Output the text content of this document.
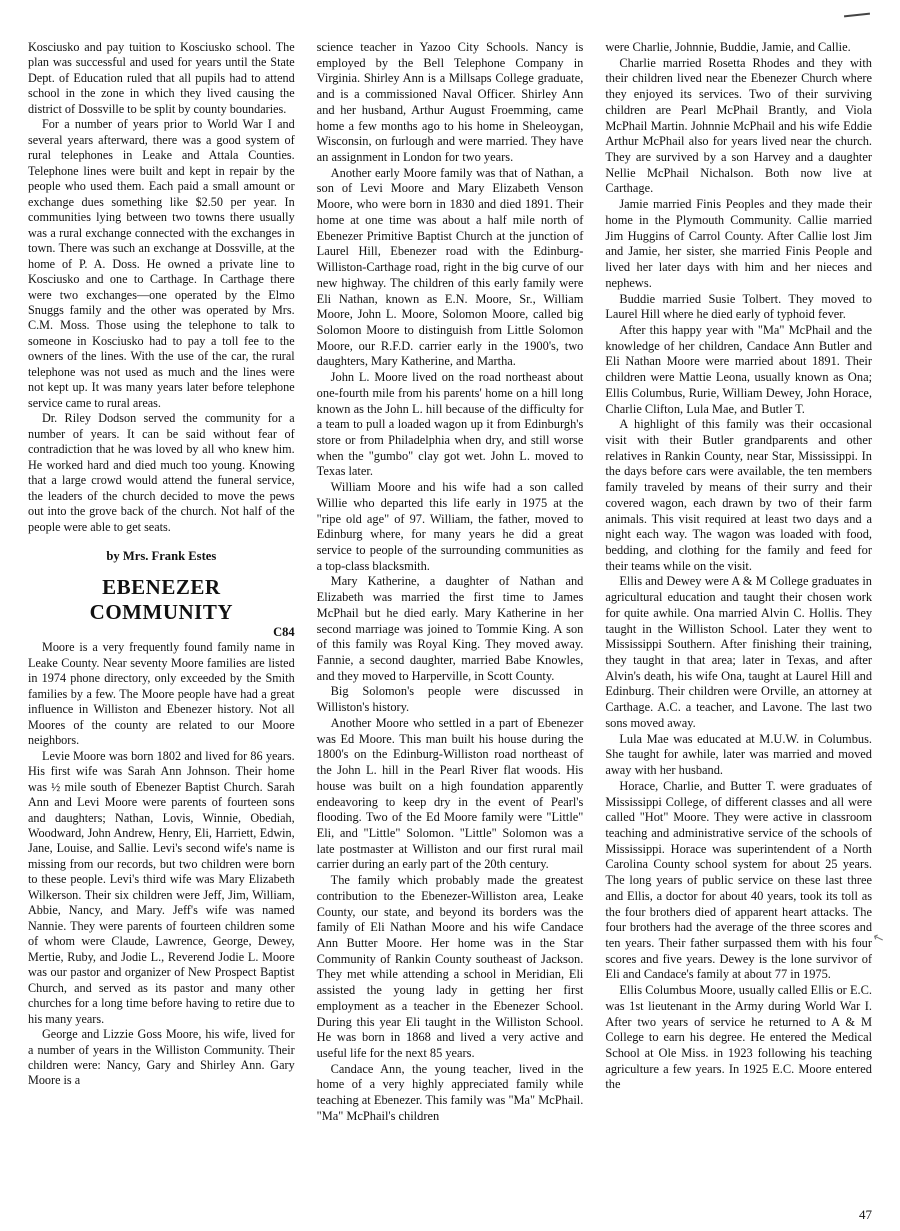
↖

Kosciusko and pay tuition to Kosciusko school. The plan was successful and used for years until the State Dept. of Education ruled that all pupils had to attend school in the zone in which they lived causing the district of Dossville to be split by county boundaries.

For a number of years prior to World War I and several years afterward, there was a good system of rural telephones in Leake and Attala Counties. Telephone lines were built and kept in repair by the people who used them. Each paid a small amount or exchange dues something like $2.50 per year. In communities lying between two towns there usually was a rural exchange connected with the exchanges in town. There was such an exchange at Dossville, at the home of P. A. Doss. He owned a private line to Kosciusko and one to Carthage. In Carthage there were two exchanges—one operated by the Elmo Snuggs family and the other was operated by Mrs. C.M. Moss. Those using the telephone to talk to someone in Kosciusko had to pay a toll fee to the owners of the lines. With the use of the car, the rural telephone was not used as much and the lines were not kept up. It was many years later before telephone service came to rural areas.

Dr. Riley Dodson served the community for a number of years. It can be said without fear of contradiction that he was loved by all who knew him. He worked hard and died much too young. Knowing that a large crowd would attend the funeral service, the leaders of the church decided to move the pews out into the grove back of the church. Not half of the people were able to get seats.

by Mrs. Frank Estes

EBENEZER COMMUNITY

C84

Moore is a very frequently found family name in Leake County. Near seventy Moore families are listed in 1974 phone directory, only exceeded by the Smith families by a few. The Moore people have had a great influence in Williston and Ebenezer history. Not all Moores of the county are related to our Moore neighbors.

Levie Moore was born 1802 and lived for 86 years. His first wife was Sarah Ann Johnson. Their home was ½ mile south of Ebenezer Baptist Church. Sarah Ann and Levi Moore were parents of fourteen sons and daughters; Nathan, Lovis, Winnie, Obediah, Woodward, John Andrew, Henry, Eli, Harriett, Edwin, Jane, Louise, and Sallie. Levi's second wife's name is missing from our records, but two children were born to these people. Levi's third wife was Mary Elizabeth Wilkerson. Their six children were Jeff, Jim, William, Abbie, Nancy, and Mary. Jeff's wife was named Nannie. They were parents of fourteen children some of whom were Claude, Lawrence, George, Dewey, Mertie, Ruby, and Jodie L., Reverend Jodie L. Moore was our pastor and organizer of New Prospect Baptist Church, and served as its pastor and many other churches for a long time before having to retire due to his many years.

George and Lizzie Goss Moore, his wife, lived for a number of years in the Williston Community. Their children were: Nancy, Gary and Shirley Ann. Gary Moore is a

science teacher in Yazoo City Schools. Nancy is employed by the Bell Telephone Company in Virginia. Shirley Ann is a Millsaps College graduate, and is a commissioned Naval Officer. Shirley Ann and her husband, Arthur August Froemming, came home a few months ago to his home in Sheleoygan, Wisconsin, on furlough and were married. They have an assignment in London for two years.

Another early Moore family was that of Nathan, a son of Levi Moore and Mary Elizabeth Venson Moore, who were born in 1830 and died 1891. Their home at one time was about a half mile north of Ebenezer Primitive Baptist Church at the junction of Laurel Hill, Ebenezer road with the Edinburg-Williston-Carthage road, right in the big curve of our new highway. The children of this early family were Eli Nathan, known as E.N. Moore, Sr., William Moore, John L. Moore, Solomon Moore, called big Solomon Moore to distinguish from Little Solomon Moore, our R.F.D. carrier early in the 1900's, two daughters, Mary Katherine, and Martha.

John L. Moore lived on the road northeast about one-fourth mile from his parents' home on a hill long known as the John L. hill because of the difficulty for a team to pull a loaded wagon up it from Edinburgh's store or from Philadelphia when dry, and still worse when the "gumbo" clay got wet. John L. moved to Texas later.

William Moore and his wife had a son called Willie who departed this life early in 1975 at the "ripe old age" of 97. William, the father, moved to Edinburg where, for many years he did a great service to people of the surrounding communities as a top-class blacksmith.

Mary Katherine, a daughter of Nathan and Elizabeth was married the first time to James McPhail but he died early. Mary Katherine in her second marriage was joined to Tommie King. A son of this family was Royal King. They moved away. Fannie, a second daughter, married Babe Knowles, and they moved to Harperville, in Scott County.

Big Solomon's people were discussed in Williston's history.

Another Moore who settled in a part of Ebenezer was Ed Moore. This man built his house during the 1800's on the Edinburg-Williston road northeast of the John L. hill in the Pearl River flat woods. His house was built on a high foundation apparently endeavoring to keep dry in the event of Pearl's flooding. Two of the Ed Moore family were "Little" Eli, and "Little" Solomon. "Little" Solomon was a late postmaster at Williston and our first rural mail carrier during an early part of the 20th century.

The family which probably made the greatest contribution to the Ebenezer-Williston area, Leake County, our state, and beyond its borders was the family of Eli Nathan Moore and his wife Candace Ann Butter Moore. Her home was in the Star Community of Rankin County southeast of Jackson. They met while attending a school in Meridian, Eli assisted the young lady in getting her first employment as a teacher in the Ebenezer School. During this year Eli taught in the Williston School. He was born in 1868 and lived a very active and useful life for the next 85 years.

Candace Ann, the young teacher, lived in the home of a very highly appreciated family while teaching at Ebenezer. This family was "Ma" McPhail. "Ma" McPhail's children

were Charlie, Johnnie, Buddie, Jamie, and Callie.

Charlie married Rosetta Rhodes and they with their children lived near the Ebenezer Church where they enjoyed its services. Two of their surviving children are Pearl McPhail Brantly, and Viola McPhail Martin. Johnnie McPhail and his wife Eddie Arthur McPhail also for years lived near the church. They are survived by a son Harvey and a daughter Nellie McPhail Nichalson. Both now live at Carthage.

Jamie married Finis Peoples and they made their home in the Plymouth Community. Callie married Jim Huggins of Carrol County. After Callie lost Jim and Jamie, her sister, she married Finis People and lived her later days with him and her nieces and nephews.

Buddie married Susie Tolbert. They moved to Laurel Hill where he died early of typhoid fever.

After this happy year with "Ma" McPhail and the knowledge of her children, Candace Ann Butler and Eli Nathan Moore were married about 1891. Their children were Mattie Leona, usually known as Ona; Ellis Columbus, Rurie, William Dewey, John Horace, Charlie Clifton, Lula Mae, and Butler T.

A highlight of this family was their occasional visit with their Butler grandparents and other relatives in Rankin County, near Star, Mississippi. In the days before cars were available, the ten members family traveled by means of their surry and their covered wagon, each drawn by two of their farm animals. This visit required at least two days and a night each way. The wagon was loaded with food, bedding, and clothing for the family and feed for their teams while on the visit.

Ellis and Dewey were A & M College graduates in agricultural education and taught their chosen work for quite awhile. Ona married Alvin C. Hollis. They taught in the Williston School. Later they went to Mississippi Southern. After finishing their training, they taught in that area; later in Texas, and after Alvin's death, his wife Ona, taught at Laurel Hill and Edinburg. Their children were Orville, an attorney at Carthage. A.C. a teacher, and Lavone. The last two sons moved away.

Lula Mae was educated at M.U.W. in Columbus. She taught for awhile, later was married and moved away with her husband.

Horace, Charlie, and Butter T. were graduates of Mississippi College, of different classes and all were called "Hot" Moore. They were active in classroom teaching and administrative service of the schools of Mississippi. Horace was superintendent of a North Carolina County school system for about 25 years. The long years of public service on these last three and Ellis, a doctor for about 40 years, took its toll as the four brothers died of apparent heart attacks. The four brothers had the average of the three scores and ten years. Their father surpassed them with his four scores and five years. Dewey is the lone survivor of Eli and Candace's family at about 77 in 1975.

Ellis Columbus Moore, usually called Ellis or E.C. was 1st lieutenant in the Army during World War I. After two years of service he returned to A & M College to earn his degree. He entered the Medical School at Ole Miss. in 1923 following his teaching agriculture a few years. In 1925 E.C. Moore entered the

47
